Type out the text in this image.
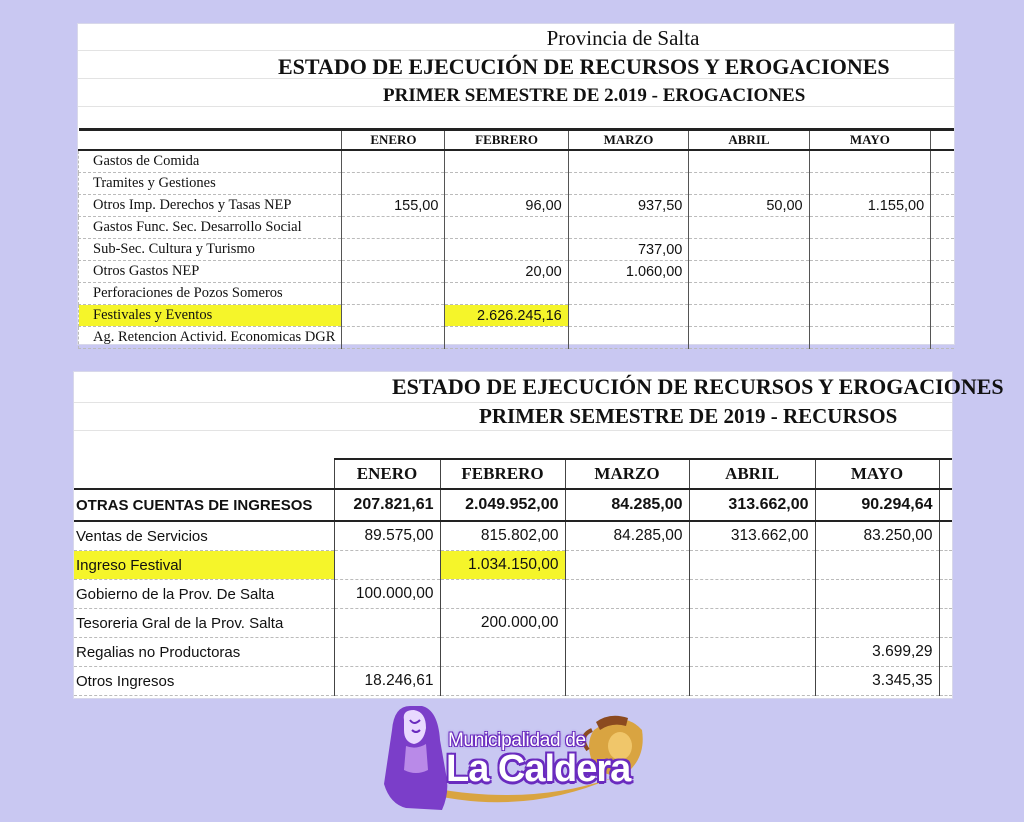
Provincia de Salta
ESTADO DE EJECUCIÓN DE RECURSOS Y EROGACIONES
PRIMER SEMESTRE DE 2.019 - EROGACIONES
	ENERO	FEBRERO	MARZO	ABRIL	MAYO	
Gastos de Comida						
Tramites y Gestiones						
Otros Imp. Derechos y Tasas NEP	155,00	96,00	937,50	50,00	1.155,00	
Gastos Func. Sec. Desarrollo Social						
Sub-Sec. Cultura y Turismo			737,00			
Otros Gastos NEP		20,00	1.060,00			
Perforaciones de Pozos Someros						
Festivales y Eventos		2.626.245,16				
Ag. Retencion Activid. Economicas DGR						
ESTADO DE EJECUCIÓN DE RECURSOS Y EROGACIONES
PRIMER SEMESTRE DE 2019 - RECURSOS
	ENERO	FEBRERO	MARZO	ABRIL	MAYO	
OTRAS CUENTAS DE INGRESOS	207.821,61	2.049.952,00	84.285,00	313.662,00	90.294,64	
Ventas de Servicios	89.575,00	815.802,00	84.285,00	313.662,00	83.250,00	
Ingreso Festival		1.034.150,00				
Gobierno de la Prov. De Salta	100.000,00					
Tesoreria Gral de la Prov. Salta		200.000,00				
Regalias no Productoras					3.699,29	
Otros Ingresos	18.246,61				3.345,35	
Municipalidad de
La Caldera
